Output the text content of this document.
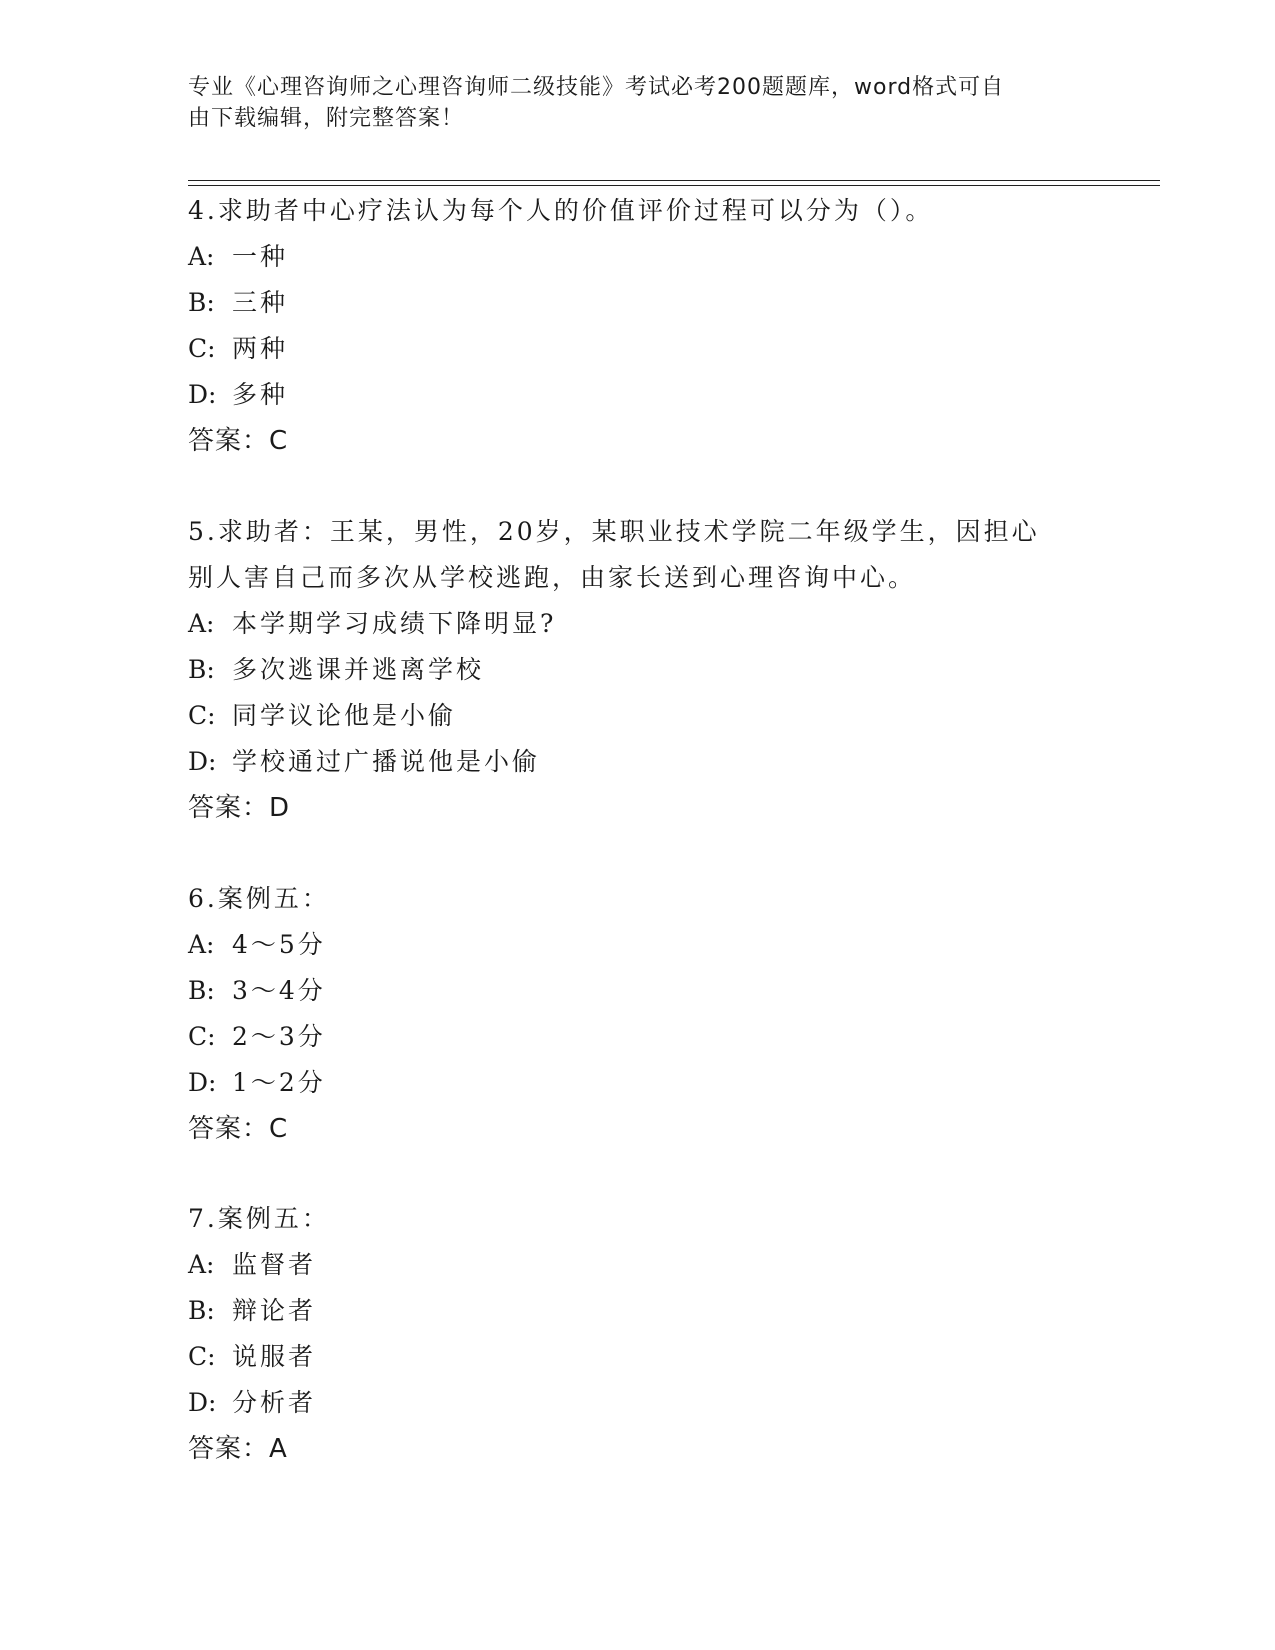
专业《心理咨询师之心理咨询师二级技能》考试必考200题题库，word格式可自
由下载编辑，附完整答案！

4.求助者中心疗法认为每个人的价值评价过程可以分为（）。

A: 一种

B: 三种

C: 两种

D: 多种

答案：C

5.求助者：王某，男性，20岁，某职业技术学院二年级学生，因担心

别人害自己而多次从学校逃跑，由家长送到心理咨询中心。

A: 本学期学习成绩下降明显?

B: 多次逃课并逃离学校

C: 同学议论他是小偷

D: 学校通过广播说他是小偷

答案：D

6.案例五：

A: 4～5分

B: 3～4分

C: 2～3分

D: 1～2分

答案：C

7.案例五：

A: 监督者

B: 辩论者

C: 说服者

D: 分析者

答案：A
